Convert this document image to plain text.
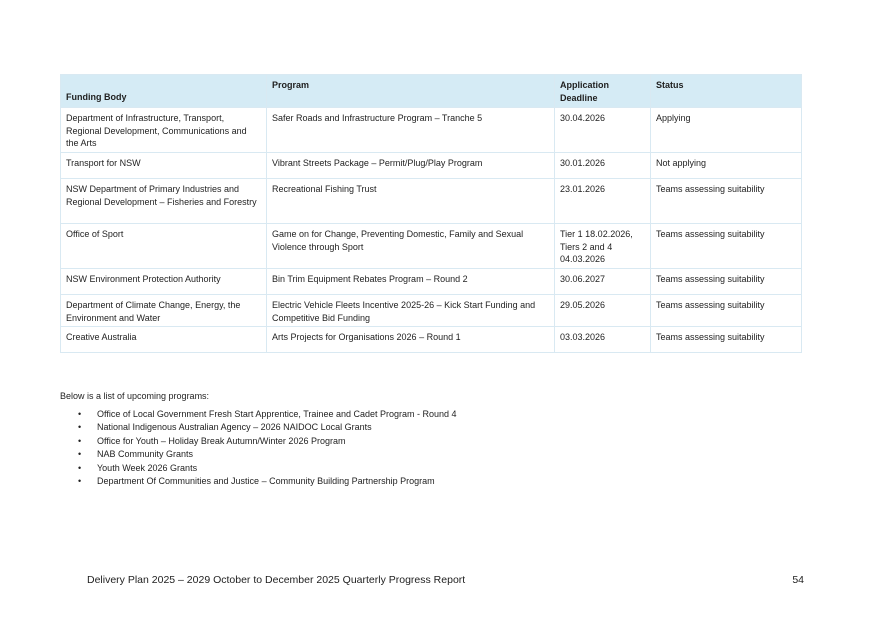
Funding Body	Program	Application Deadline	Status
Department of Infrastructure, Transport, Regional Development, Communications and the Arts	Safer Roads and Infrastructure Program – Tranche 5	30.04.2026	Applying
Transport for NSW	Vibrant Streets Package – Permit/Plug/Play Program	30.01.2026	Not applying
NSW Department of Primary Industries and Regional Development – Fisheries and Forestry	Recreational Fishing Trust	23.01.2026	Teams assessing suitability
Office of Sport	Game on for Change, Preventing Domestic, Family and Sexual Violence through Sport	Tier 1 18.02.2026, Tiers 2 and 4 04.03.2026	Teams assessing suitability
NSW Environment Protection Authority	Bin Trim Equipment Rebates Program – Round 2	30.06.2027	Teams assessing suitability
Department of Climate Change, Energy, the Environment and Water	Electric Vehicle Fleets Incentive 2025-26 – Kick Start Funding and Competitive Bid Funding	29.05.2026	Teams assessing suitability
Creative Australia	Arts Projects for Organisations 2026 – Round 1	03.03.2026	Teams assessing suitability

Below is a list of upcoming programs:

• Office of Local Government Fresh Start Apprentice, Trainee and Cadet Program - Round 4
• National Indigenous Australian Agency – 2026 NAIDOC Local Grants
• Office for Youth – Holiday Break Autumn/Winter 2026 Program
• NAB Community Grants
• Youth Week 2026 Grants
• Department Of Communities and Justice – Community Building Partnership Program
Delivery Plan 2025 – 2029 October to December 2025 Quarterly Progress Report	54
